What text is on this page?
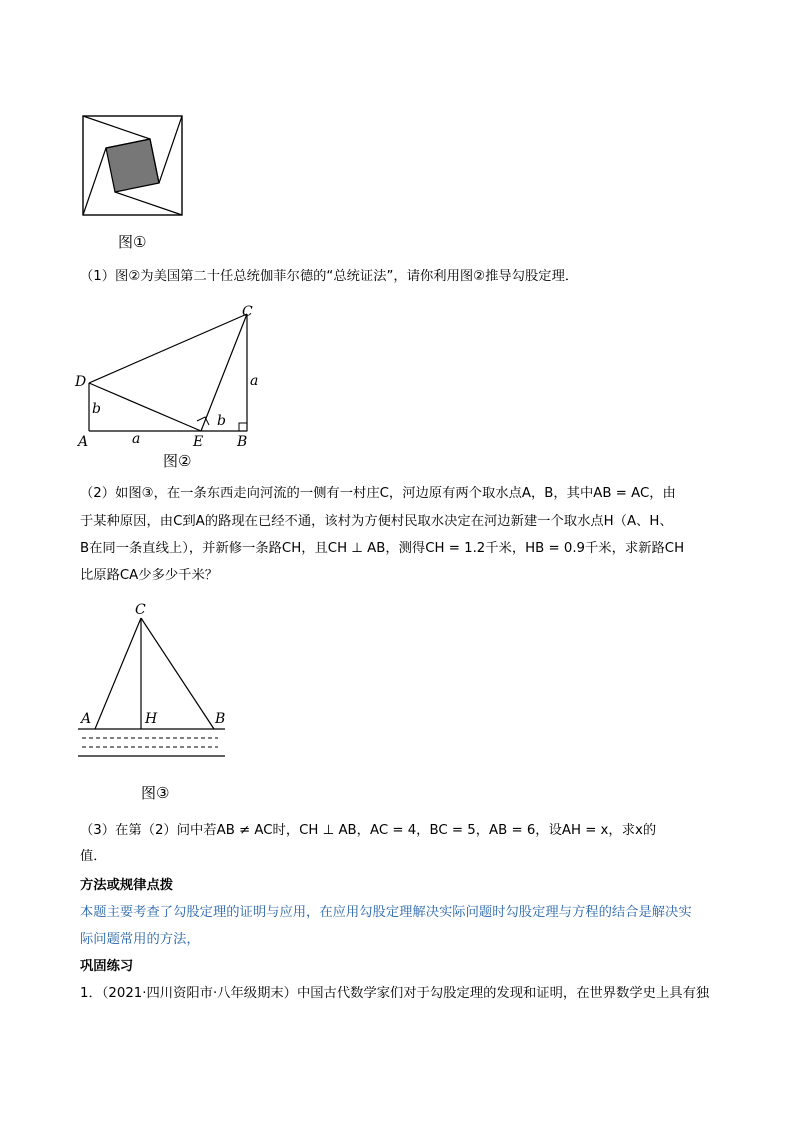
图①
（1）图②为美国第二十任总统伽菲尔德的“总统证法”，请你利用图②推导勾股定理．
C
D
A	E B
a
b
b
a
图②
（2）如图③，在一条东西走向河流的一侧有一村庄C，河边原有两个取水点A，B，其中AB = AC，由
于某种原因，由C到A的路现在已经不通，该村为方便村民取水决定在河边新建一个取水点H（A、H、
B在同一条直线上），并新修一条路CH，且CH ⊥ AB，测得CH = 1.2千米，HB = 0.9千米，求新路CH
比原路CA少多少千米？
C
A	H	B
图③
（3）在第（2）问中若AB ≠ AC时，CH ⊥ AB，AC = 4，BC = 5，AB = 6，设AH = x，求x的
值．
方法或规律点拨
本题主要考查了勾股定理的证明与应用，在应用勾股定理解决实际问题时勾股定理与方程的结合是解决实
际问题常用的方法，
巩固练习
1．（2021·四川资阳市·八年级期末）中国古代数学家们对于勾股定理的发现和证明，在世界数学史上具有独
